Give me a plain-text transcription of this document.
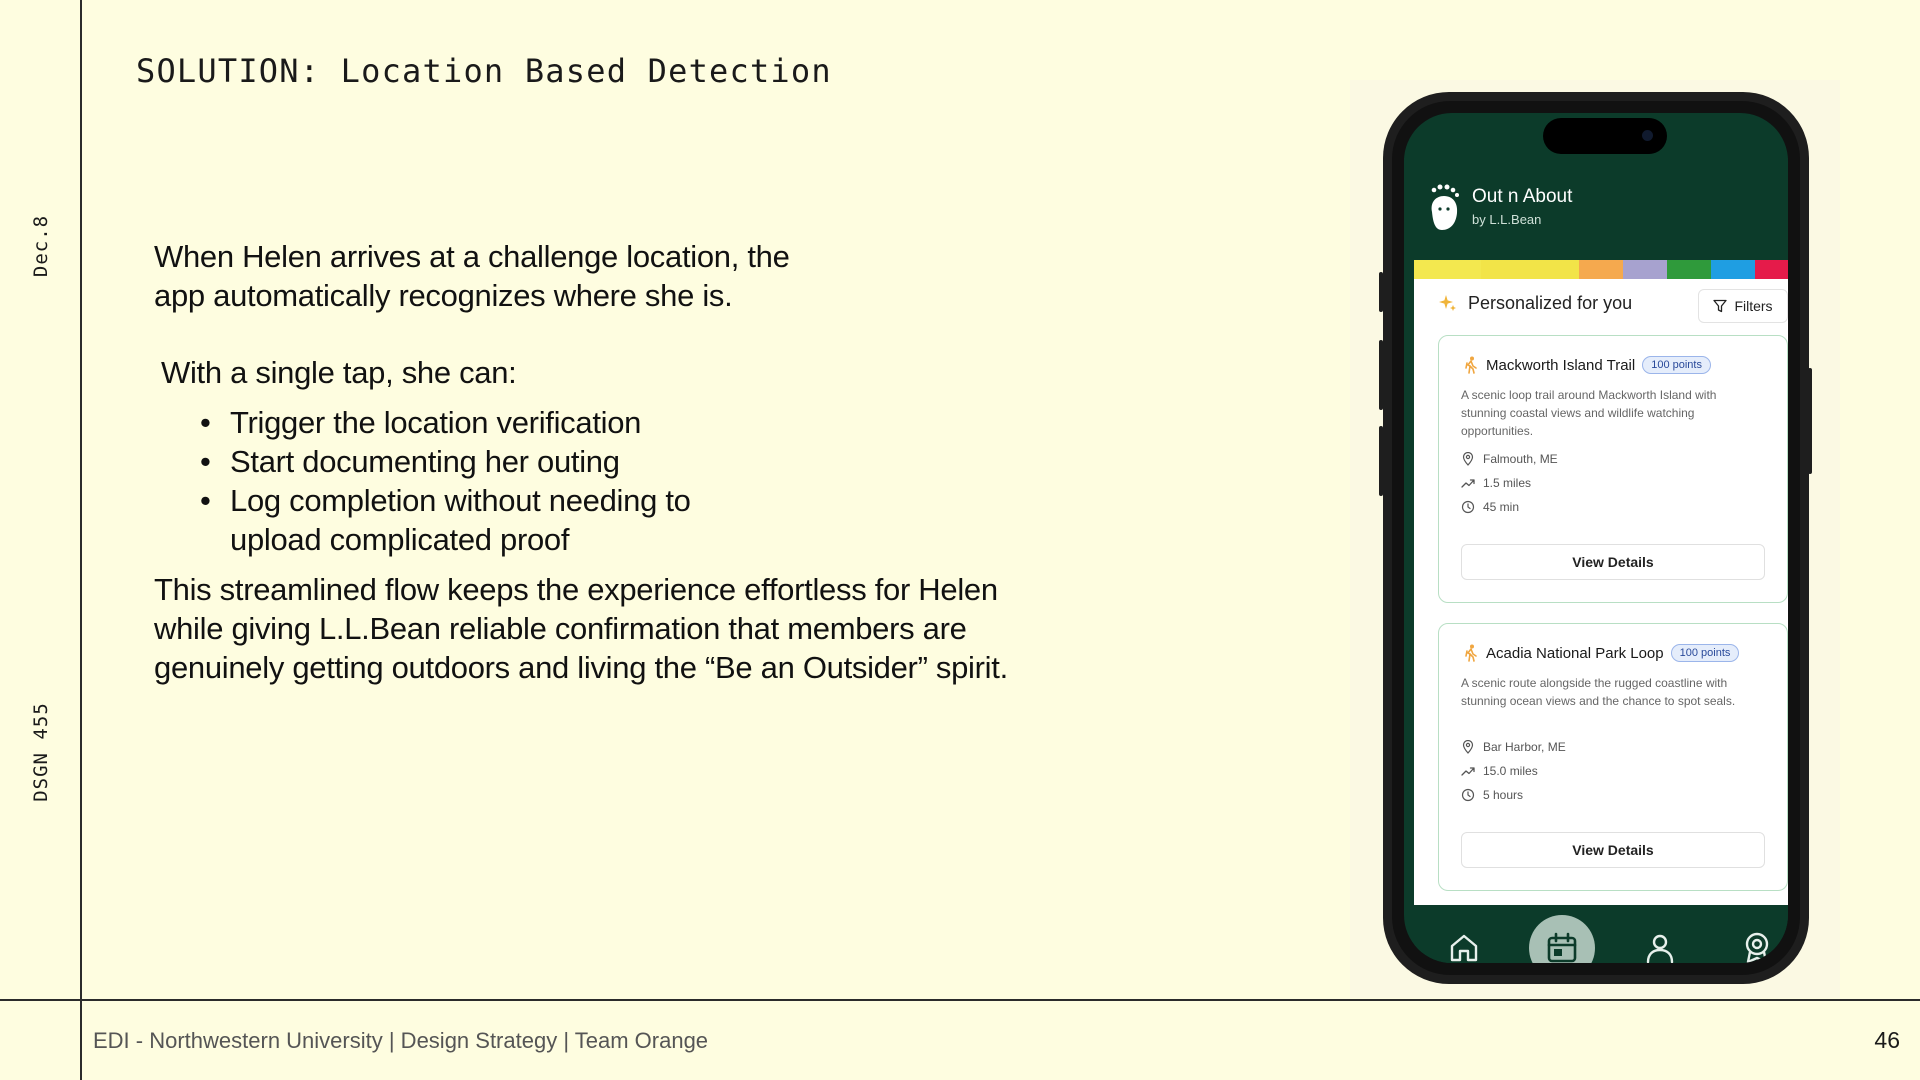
Dec.8
DSGN 455
SOLUTION: Location Based Detection
When Helen arrives at a challenge location, the
app automatically recognizes where she is.
With a single tap, she can:
• Trigger the location verification
• Start documenting her outing
• Log completion without needing to upload complicated proof
This streamlined flow keeps the experience effortless for Helen
while giving L.L.Bean reliable confirmation that members are
genuinely getting outdoors and living the “Be an Outsider” spirit.
EDI - Northwestern University | Design Strategy | Team Orange	46
Out n About
by L.L.Bean
Personalized for you	Filters
Mackworth Island Trail	100 points
A scenic loop trail around Mackworth Island with stunning coastal views and wildlife watching opportunities.
Falmouth, ME
1.5 miles
45 min
View Details
Acadia National Park Loop	100 points
A scenic route alongside the rugged coastline with stunning ocean views and the chance to spot seals.
Bar Harbor, ME
15.0 miles
5 hours
View Details
